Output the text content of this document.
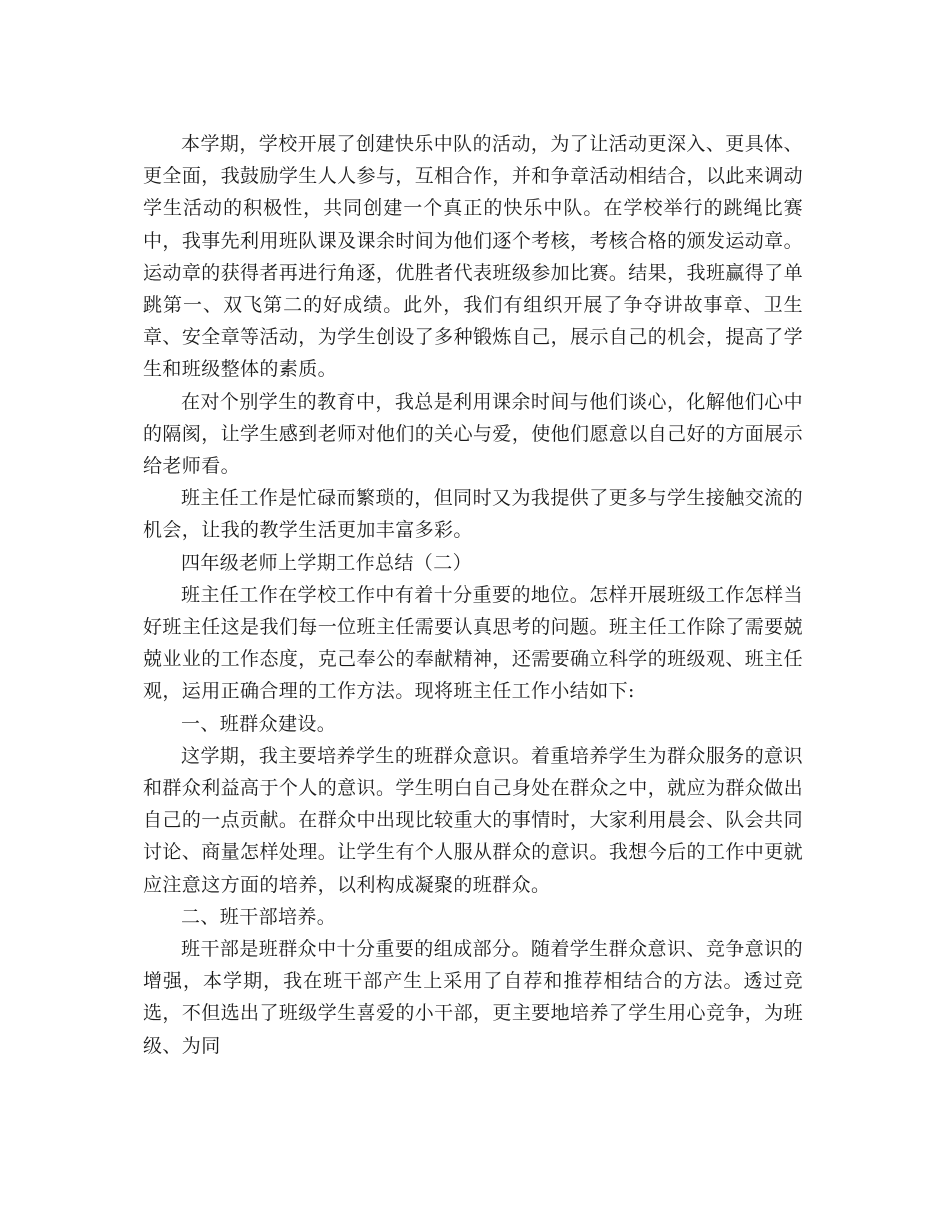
本学期，学校开展了创建快乐中队的活动，为了让活动更深入、更具体、更全面，我鼓励学生人人参与，互相合作，并和争章活动相结合，以此来调动学生活动的积极性，共同创建一个真正的快乐中队。在学校举行的跳绳比赛中，我事先利用班队课及课余时间为他们逐个考核，考核合格的颁发运动章。运动章的获得者再进行角逐，优胜者代表班级参加比赛。结果，我班赢得了单跳第一、双飞第二的好成绩。此外，我们有组织开展了争夺讲故事章、卫生章、安全章等活动，为学生创设了多种锻炼自己，展示自己的机会，提高了学生和班级整体的素质。

在对个别学生的教育中，我总是利用课余时间与他们谈心，化解他们心中的隔阂，让学生感到老师对他们的关心与爱，使他们愿意以自己好的方面展示给老师看。

班主任工作是忙碌而繁琐的，但同时又为我提供了更多与学生接触交流的机会，让我的教学生活更加丰富多彩。

四年级老师上学期工作总结（二）

班主任工作在学校工作中有着十分重要的地位。怎样开展班级工作怎样当好班主任这是我们每一位班主任需要认真思考的问题。班主任工作除了需要兢兢业业的工作态度，克己奉公的奉献精神，还需要确立科学的班级观、班主任观，运用正确合理的工作方法。现将班主任工作小结如下:

一、班群众建设。

这学期，我主要培养学生的班群众意识。着重培养学生为群众服务的意识和群众利益高于个人的意识。学生明白自己身处在群众之中，就应为群众做出自己的一点贡献。在群众中出现比较重大的事情时，大家利用晨会、队会共同讨论、商量怎样处理。让学生有个人服从群众的意识。我想今后的工作中更就应注意这方面的培养，以利构成凝聚的班群众。

二、班干部培养。

班干部是班群众中十分重要的组成部分。随着学生群众意识、竞争意识的增强，本学期，我在班干部产生上采用了自荐和推荐相结合的方法。透过竞选，不但选出了班级学生喜爱的小干部，更主要地培养了学生用心竞争，为班级、为同
